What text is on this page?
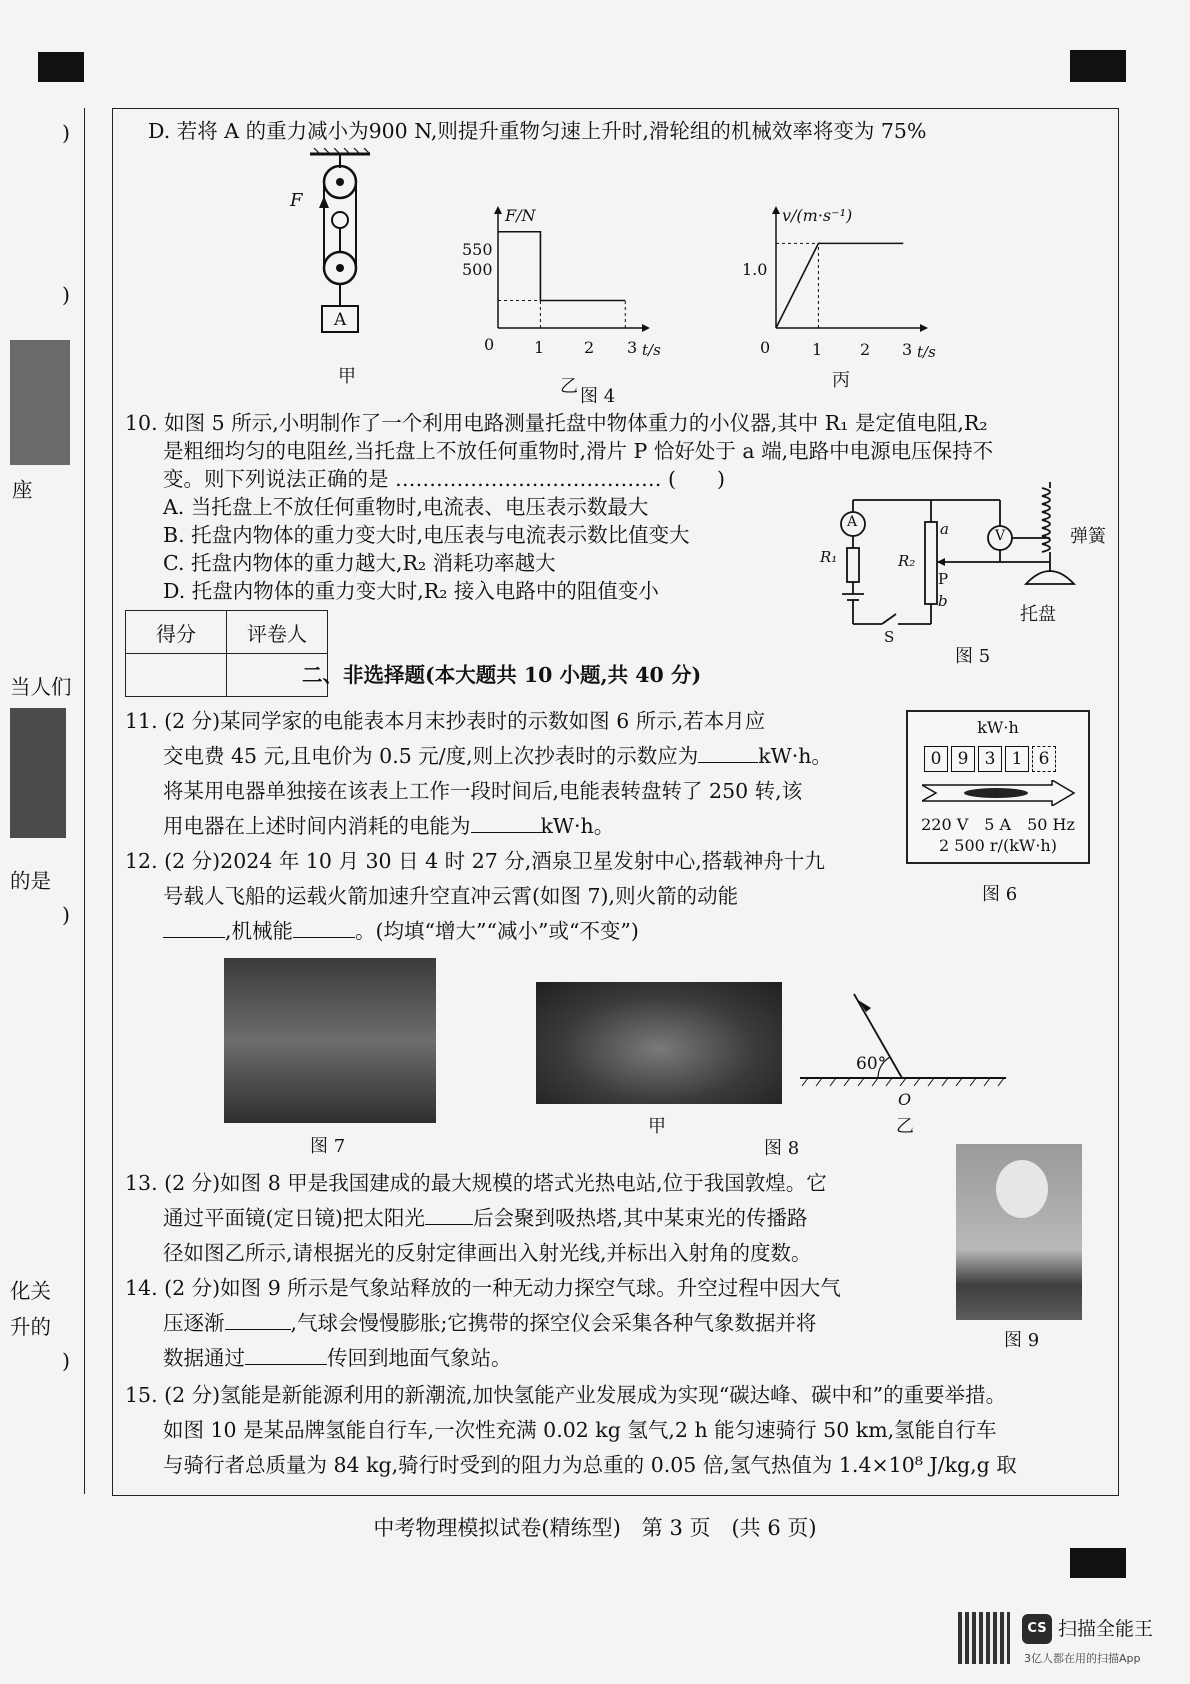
)
)
座
当人们
的是
)
化关
升的
)
D. 若将 A 的重力减小为900 N,则提升重物匀速上升时,滑轮组的机械效率将变为 75%
F
A
甲
F/N
550
500
0 1 2 3 t/s
乙 图 4
v/(m·s⁻¹)
1.0
0	1 2 3 t/s
丙
10. 如图 5 所示,小明制作了一个利用电路测量托盘中物体重力的小仪器,其中 R₁ 是定值电阻,R₂
是粗细均匀的电阻丝,当托盘上不放任何重物时,滑片 P 恰好处于 a 端,电路中电源电压保持不
变。则下列说法正确的是 ………………………………… (　　)
A. 当托盘上不放任何重物时,电流表、电压表示数最大
B. 托盘内物体的重力变大时,电压表与电流表示数比值变大
C. 托盘内物体的重力越大,R₂ 消耗功率越大
D. 托盘内物体的重力变大时,R₂ 接入电路中的阻值变小
A
V
R₁	R₂
a
P
b
S
弹簧
托盘
图 5
得分	评卷人

二、非选择题(本大题共 10 小题,共 40 分)
11. (2 分)某同学家的电能表本月末抄表时的示数如图 6 所示,若本月应
交电费 45 元,且电价为 0.5 元/度,则上次抄表时的示数应为	kW·h。
将某用电器单独接在该表上工作一段时间后,电能表转盘转了 250 转,该
用电器在上述时间内消耗的电能为	kW·h。
kW·h
0 9 3 1 6
220 V　5 A　50 Hz
2 500 r/(kW·h)
图 6
12. (2 分)2024 年 10 月 30 日 4 时 27 分,酒泉卫星发射中心,搭载神舟十九
号载人飞船的运载火箭加速升空直冲云霄(如图 7),则火箭的动能
,机械能	。(均填“增大”“减小”或“不变”)
图 7
甲
图 8
60°
O
乙
13. (2 分)如图 8 甲是我国建成的最大规模的塔式光热电站,位于我国敦煌。它
通过平面镜(定日镜)把太阳光 后会聚到吸热塔,其中某束光的传播路
径如图乙所示,请根据光的反射定律画出入射光线,并标出入射角的度数。
14. (2 分)如图 9 所示是气象站释放的一种无动力探空气球。升空过程中因大气
压逐渐	,气球会慢慢膨胀;它携带的探空仪会采集各种气象数据并将
数据通过	传回到地面气象站。
图 9
15. (2 分)氢能是新能源利用的新潮流,加快氢能产业发展成为实现“碳达峰、碳中和”的重要举措。
如图 10 是某品牌氢能自行车,一次性充满 0.02 kg 氢气,2 h 能匀速骑行 50 km,氢能自行车
与骑行者总质量为 84 kg,骑行时受到的阻力为总重的 0.05 倍,氢气热值为 1.4×10⁸ J/kg,g 取
中考物理模拟试卷(精练型)　第 3 页　(共 6 页)
CS 扫描全能王
3亿人都在用的扫描App
